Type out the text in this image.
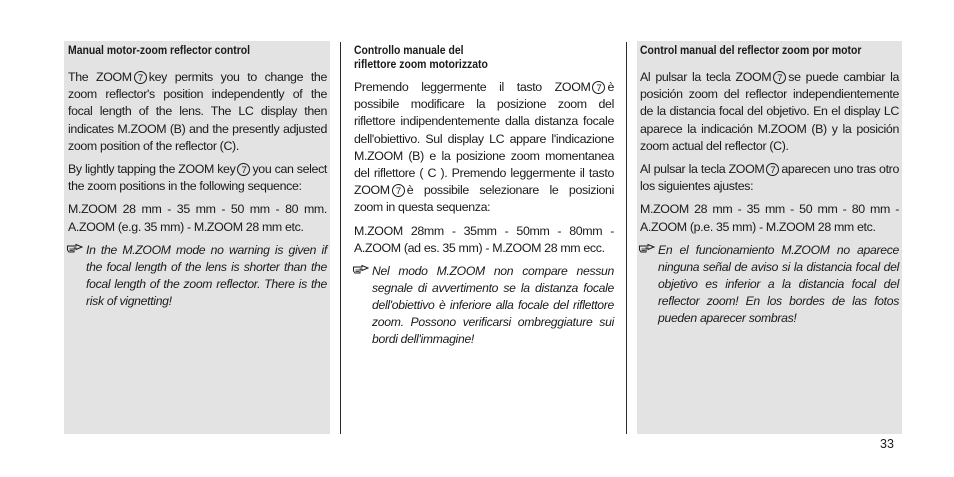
Manual motor-zoom reflector control

The ZOOM 7 key permits you to change the zoom reflector's position independently of the focal length of the lens. The LC display then indicates M.ZOOM (B) and the presently adjusted zoom position of the reflector (C).

By lightly tapping the ZOOM key 7 you can select the zoom positions in the following sequence:

M.ZOOM 28 mm - 35 mm - 50 mm - 80 mm. A.ZOOM (e.g. 35 mm) - M.ZOOM 28 mm etc.

In the M.ZOOM mode no warning is given if the focal length of the lens is shorter than the focal length of the zoom reflector. There is the risk of vignetting!
Controllo manuale del
riflettore zoom motorizzato

Premendo leggermente il tasto ZOOM 7 è possibile modificare la posizione zoom del riflettore indipendentemente dalla distanza focale dell'obiettivo. Sul display LC appare l'indicazione M.ZOOM (B) e la posizione zoom momentanea del riflettore ( C ). Premendo leggermente il tasto ZOOM 7 è possibile selezionare le posizioni zoom in questa sequenza:

M.ZOOM 28mm - 35mm - 50mm - 80mm - A.ZOOM (ad es. 35 mm) - M.ZOOM 28 mm ecc.

Nel modo M.ZOOM non compare nessun segnale di avvertimento se la distanza focale dell'obiettivo è inferiore alla focale del riflettore zoom. Possono verificarsi ombreggiature sui bordi dell'immagine!
Control manual del reflector zoom por motor

Al pulsar la tecla ZOOM 7 se puede cambiar la posición zoom del reflector independientemente de la distancia focal del objetivo. En el display LC aparece la indicación M.ZOOM (B) y la posición zoom actual del reflector (C).

Al pulsar la tecla ZOOM 7 aparecen uno tras otro los siguientes ajustes:

M.ZOOM 28 mm - 35 mm - 50 mm - 80 mm - A.ZOOM (p.e. 35 mm) - M.ZOOM 28 mm etc.

En el funcionamiento M.ZOOM no aparece ninguna señal de aviso si la distancia focal del objetivo es inferior a la distancia focal del reflector zoom! En los bordes de las fotos pueden aparecer sombras!
33
